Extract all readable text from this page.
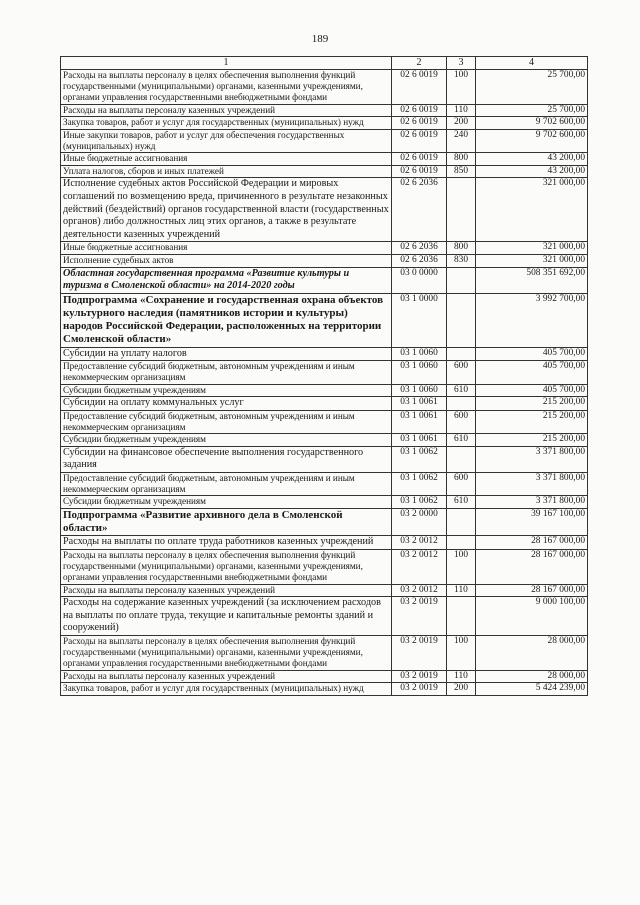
189
1	2	3	4
Расходы на выплаты персоналу в целях обеспечения выполнения функций государственными (муниципальными) органами, казенными учреждениями, органами управления государственными внебюджетными фондами	02 6 0019	100	25 700,00
Расходы на выплаты персоналу казенных учреждений	02 6 0019	110	25 700,00
Закупка товаров, работ и услуг для государственных (муниципальных) нужд	02 6 0019	200	9 702 600,00
Иные закупки товаров, работ и услуг для обеспечения государственных (муниципальных) нужд	02 6 0019	240	9 702 600,00
Иные бюджетные ассигнования	02 6 0019	800	43 200,00
Уплата налогов, сборов и иных платежей	02 6 0019	850	43 200,00
Исполнение судебных актов Российской Федерации и мировых соглашений по возмещению вреда, причиненного в результате незаконных действий (бездействий) органов государственной власти (государственных органов) либо должностных лиц этих органов, а также в результате деятельности казенных учреждений	02 6 2036		321 000,00
Иные бюджетные ассигнования	02 6 2036	800	321 000,00
Исполнение судебных актов	02 6 2036	830	321 000,00
Областная государственная программа «Развитие культуры и туризма в Смоленской области» на 2014-2020 годы	03 0 0000		508 351 692,00
Подпрограмма «Сохранение и государственная охрана объектов культурного наследия (памятников истории и культуры) народов Российской Федерации, расположенных на территории Смоленской области»	03 1 0000		3 992 700,00
Субсидии на уплату налогов	03 1 0060		405 700,00
Предоставление субсидий бюджетным, автономным учреждениям и иным некоммерческим организациям	03 1 0060	600	405 700,00
Субсидии бюджетным учреждениям	03 1 0060	610	405 700,00
Субсидии на оплату коммунальных услуг	03 1 0061		215 200,00
Предоставление субсидий бюджетным, автономным учреждениям и иным некоммерческим организациям	03 1 0061	600	215 200,00
Субсидии бюджетным учреждениям	03 1 0061	610	215 200,00
Субсидии на финансовое обеспечение выполнения государственного задания	03 1 0062		3 371 800,00
Предоставление субсидий бюджетным, автономным учреждениям и иным некоммерческим организациям	03 1 0062	600	3 371 800,00
Субсидии бюджетным учреждениям	03 1 0062	610	3 371 800,00
Подпрограмма «Развитие архивного дела в Смоленской области»	03 2 0000		39 167 100,00
Расходы на выплаты по оплате труда работников казенных учреждений	03 2 0012		28 167 000,00
Расходы на выплаты персоналу в целях обеспечения выполнения функций государственными (муниципальными) органами, казенными учреждениями, органами управления государственными внебюджетными фондами	03 2 0012	100	28 167 000,00
Расходы на выплаты персоналу казенных учреждений	03 2 0012	110	28 167 000,00
Расходы на содержание казенных учреждений (за исключением расходов на выплаты по оплате труда, текущие и капитальные ремонты зданий и сооружений)	03 2 0019		9 000 100,00
Расходы на выплаты персоналу в целях обеспечения выполнения функций государственными (муниципальными) органами, казенными учреждениями, органами управления государственными внебюджетными фондами	03 2 0019	100	28 000,00
Расходы на выплаты персоналу казенных учреждений	03 2 0019	110	28 000,00
Закупка товаров, работ и услуг для государственных (муниципальных) нужд	03 2 0019	200	5 424 239,00
